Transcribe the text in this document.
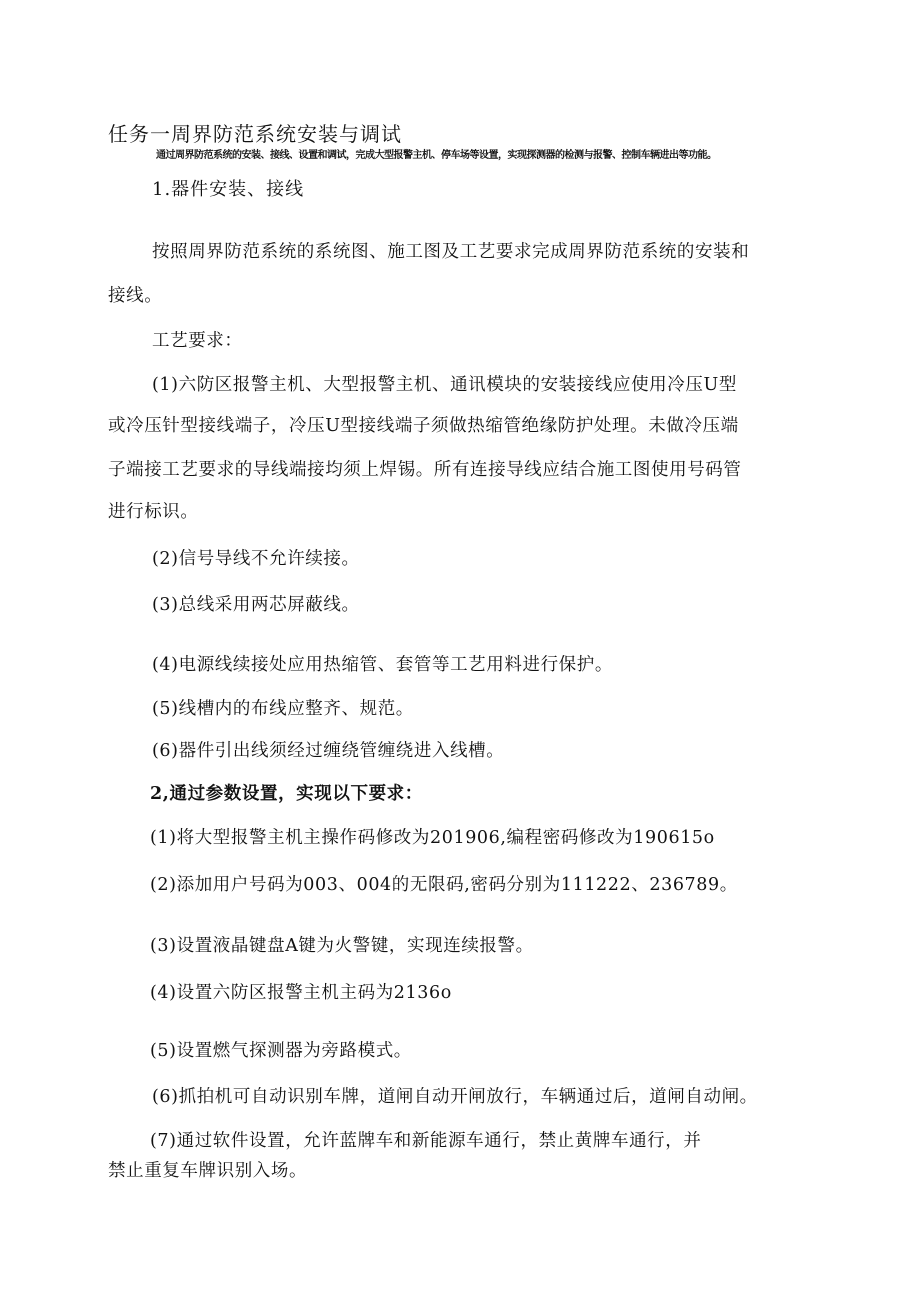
任务一周界防范系统安装与调试
通过周界防范系统的安装、接线、设置和调试，完成大型报警主机、停车场等设置，实现探测器的检测与报警、控制车辆进出等功能。
1.器件安装、接线
按照周界防范系统的系统图、施工图及工艺要求完成周界防范系统的安装和
接线。
工艺要求：
(1)六防区报警主机、大型报警主机、通讯模块的安装接线应使用冷压U型
或冷压针型接线端子，冷压U型接线端子须做热缩管绝缘防护处理。未做冷压端
子端接工艺要求的导线端接均须上焊锡。所有连接导线应结合施工图使用号码管
进行标识。
(2)信号导线不允许续接。
(3)总线采用两芯屏蔽线。
(4)电源线续接处应用热缩管、套管等工艺用料进行保护。
(5)线槽内的布线应整齐、规范。
(6)器件引出线须经过缠绕管缠绕进入线槽。
2,通过参数设置，实现以下要求：
(1)将大型报警主机主操作码修改为201906,编程密码修改为190615o
(2)添加用户号码为003、004的无限码,密码分别为111222、236789。
(3)设置液晶键盘A键为火警键，实现连续报警。
(4)设置六防区报警主机主码为2136o
(5)设置燃气探测器为旁路模式。
(6)抓拍机可自动识别车牌，道闸自动开闸放行，车辆通过后，道闸自动闸。
(7)通过软件设置，允许蓝牌车和新能源车通行，禁止黄牌车通行，并
禁止重复车牌识别入场。
